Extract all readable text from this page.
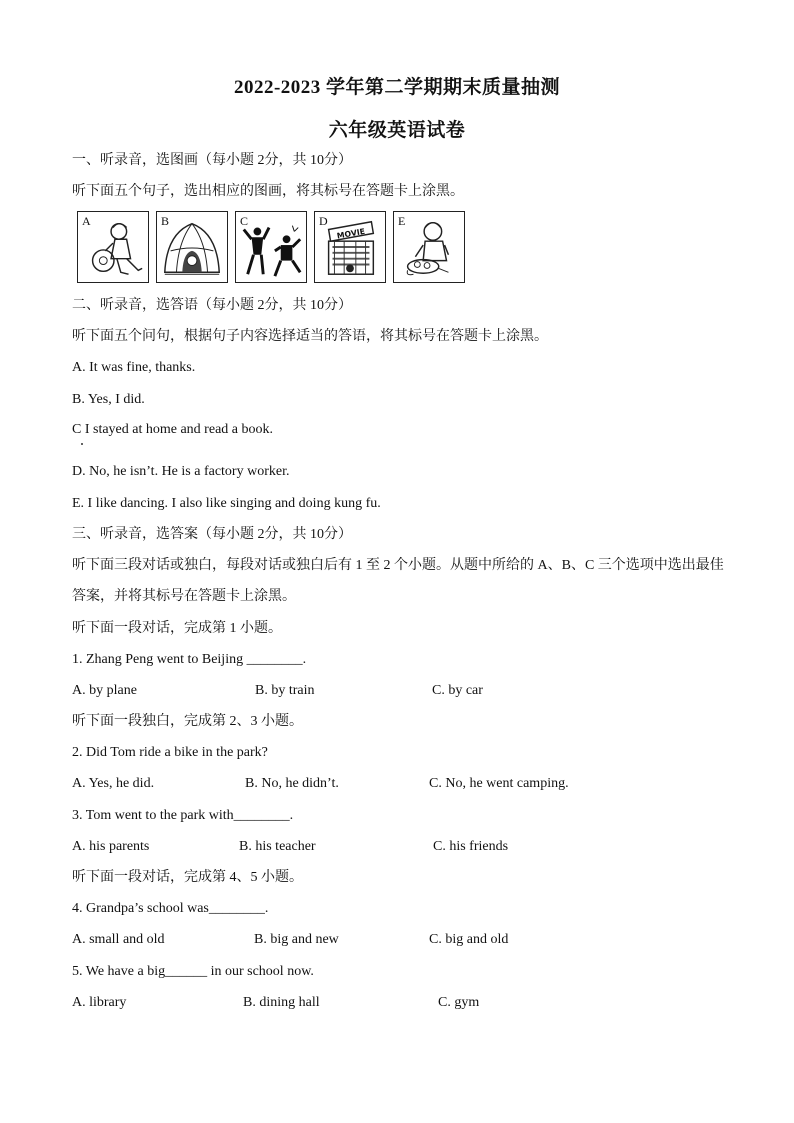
2022-2023 学年第二学期期末质量抽测
六年级英语试卷
一、听录音，选图画（每小题 2分，共 10分）
听下面五个句子，选出相应的图画，将其标号在答题卡上涂黑。
A	B	C	D
MOVIE
E
二、听录音，选答语（每小题 2分，共 10分）
听下面五个问句，根据句子内容选择适当的答语，将其标号在答题卡上涂黑。
A. It was fine, thanks.
B. Yes, I did.
C I stayed at home and read a book.
D. No, he isn’t. He is a factory worker.
E. I like dancing. I also like singing and doing kung fu.
三、听录音，选答案（每小题 2分，共 10分）
听下面三段对话或独白，每段对话或独白后有 1 至 2 个小题。从题中所给的 A、B、C 三个选项中选出最佳
答案，并将其标号在答题卡上涂黑。
听下面一段对话，完成第 1 小题。
1. Zhang Peng went to Beijing ________.
A. by plane	B. by train	C. by car
听下面一段独白，完成第 2、3 小题。
2. Did Tom ride a bike in the park?
A. Yes, he did.	B. No, he didn’t.	C. No, he went camping.
3. Tom went to the park with________.
A. his parents	B. his teacher	C. his friends
听下面一段对话，完成第 4、5 小题。
4. Grandpa’s school was________.
A. small and old	B. big and new	C. big and old
5. We have a big______ in our school now.
A. library	B. dining hall	C. gym
